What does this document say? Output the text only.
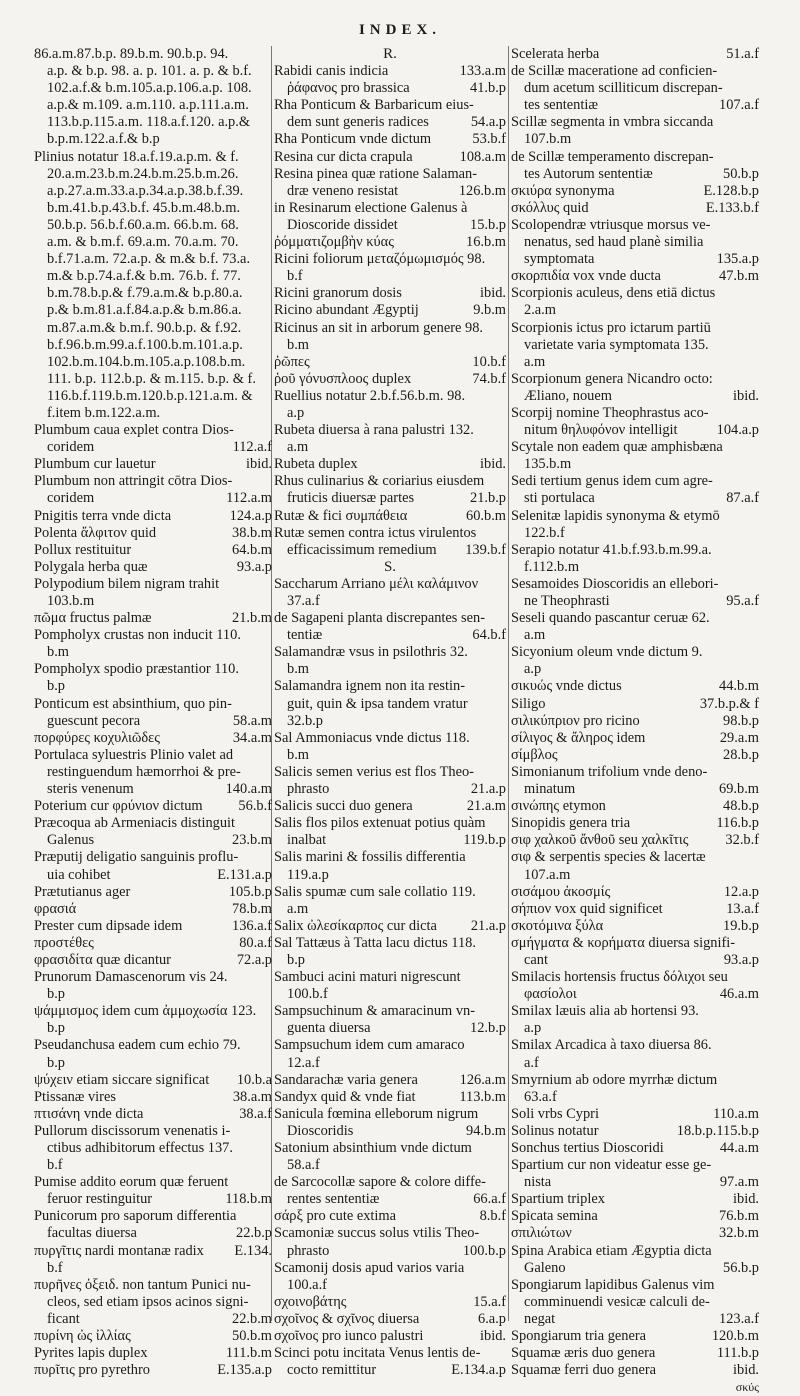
INDEX.
86.a.m.87.b.p. 89.b.m. 90.b.p. 94.
a.p. & b.p. 98. a. p. 101. a. p. & b.f.
102.a.f.& b.m.105.a.p.106.a.p. 108.
a.p.& m.109. a.m.110. a.p.111.a.m.
113.b.p.115.a.m. 118.a.f.120. a.p.&
b.p.m.122.a.f.& b.p
Plinius notatur 18.a.f.19.a.p.m. & f.
20.a.m.23.b.m.24.b.m.25.b.m.26.
a.p.27.a.m.33.a.p.34.a.p.38.b.f.39.
b.m.41.b.p.43.b.f. 45.b.m.48.b.m.
50.b.p. 56.b.f.60.a.m. 66.b.m. 68.
a.m. & b.m.f. 69.a.m. 70.a.m. 70.
b.f.71.a.m. 72.a.p. & m.& b.f. 73.a.
m.& b.p.74.a.f.& b.m. 76.b. f. 77.
b.m.78.b.p.& f.79.a.m.& b.p.80.a.
p.& b.m.81.a.f.84.a.p.& b.m.86.a.
m.87.a.m.& b.m.f. 90.b.p. & f.92.
b.f.96.b.m.99.a.f.100.b.m.101.a.p.
102.b.m.104.b.m.105.a.p.108.b.m.
111. b.p. 112.b.p. & m.115. b.p. & f.
116.b.f.119.b.m.120.b.p.121.a.m. &
f.item b.m.122.a.m.
Plumbum caua explet contra Dios-
coridem	112.a.f
Plumbum cur lauetur	ibid.
Plumbum non attringit cōtra Dios-
coridem	112.a.m
Pnigitis terra vnde dicta	124.a.p
Polenta ἄλφιτον quid	38.b.m
Pollux restituitur	64.b.m
Polygala herba quæ	93.a.p
Polypodium bilem nigram trahit
103.b.m
πῶμα fructus palmæ	21.b.m
Pompholyx crustas non inducit 110.
b.m
Pompholyx spodio præstantior 110.
b.p
Ponticum est absinthium, quo pin-
guescunt pecora	58.a.m
πορφύρες κοχυλιῶδες	34.a.m
Portulaca syluestris Plinio valet ad
restinguendum hæmorrhoi & pre-
steris venenum	140.a.m
Poterium cur φρύνιον dictum 56.b.f
Præcoqua ab Armeniacis distinguit
Galenus	23.b.m
Præputij deligatio sanguinis proflu-
uia cohibet	E.131.a.p
Prætutianus ager	105.b.p
φρασιά	78.b.m
Prester cum dipsade idem	136.a.f
προστέθες	80.a.f
φρασιδίτα quæ dicantur	72.a.p
Prunorum Damascenorum vis 24.
b.p
ψάμμισμος idem cum ἀμμοχωσία 123.
b.p
Pseudanchusa eadem cum echio 79.
b.p
ψύχειν etiam siccare significat 10.b.a
Ptissanæ vires	38.a.m
πτισάνη vnde dicta	38.a.f
Pullorum discissorum venenatis i-
ctibus adhibitorum effectus 137.
b.f
Pumise addito eorum quæ feruent
feruor restinguitur	118.b.m
Punicorum pro saporum differentia
facultas diuersa	22.b.p
πυργῖτις nardi montanæ radix E.134.
b.f
πυρῆνες ὀξειδ. non tantum Punici nu-
cleos, sed etiam ipsos acinos signi-
ficant	22.b.m
πυρίνη ὠς ἰλλίας	50.b.m
Pyrites lapis duplex	111.b.m
πυρῖτις pro pyrethro	E.135.a.p
R.
Rabidi canis indicia	133.a.m
ῥάφανος pro brassica	41.b.p
Rha Ponticum & Barbaricum eius-
dem sunt generis radices	54.a.p
Rha Ponticum vnde dictum	53.b.f
Resina cur dicta crapula	108.a.m
Resina pinea quæ ratione Salaman-
dræ veneno resistat	126.b.m
in Resinarum electione Galenus à
Dioscoride dissidet	15.b.p
ῥόμματιζομβὴν κύας	16.b.m
Ricini foliorum μεταζόμωμισμός 98.
b.f
Ricini granorum dosis	ibid.
Ricino abundant Ægyptij	9.b.m
Ricinus an sit in arborum genere 98.
b.m
ῥῶπες	10.b.f
ῥοῦ γόνυσπλοος duplex	74.b.f
Ruellius notatur 2.b.f.56.b.m. 98.
a.p
Rubeta diuersa à rana palustri 132.
a.m
Rubeta duplex	ibid.
Rhus culinarius & coriarius eiusdem
fruticis diuersæ partes	21.b.p
Rutæ & fici συμπάθεια	60.b.m
Rutæ semen contra ictus virulentos
efficacissimum remedium 139.b.f
S.
Saccharum Arriano μέλι καλάμινον
37.a.f
de Sagapeni planta discrepantes sen-
tentiæ	64.b.f
Salamandræ vsus in psilothris 32.
b.m
Salamandra ignem non ita restin-
guit, quin & ipsa tandem vratur
32.b.p
Sal Ammoniacus vnde dictus 118.
b.m
Salicis semen verius est flos Theo-
phrasto	21.a.p
Salicis succi duo genera	21.a.m
Salis flos pilos extenuat potius quàm
inalbat	119.b.p
Salis marini & fossilis differentia
119.a.p
Salis spumæ cum sale collatio 119.
a.m
Salix ὠλεσίκαρπος cur dicta 21.a.p
Sal Tattæus à Tatta lacu dictus 118.
b.p
Sambuci acini maturi nigrescunt
100.b.f
Sampsuchinum & amaracinum vn-
guenta diuersa	12.b.p
Sampsuchum idem cum amaraco
12.a.f
Sandarachæ varia genera	126.a.m
Sandyx quid & vnde fiat	113.b.m
Sanicula fœmina elleborum nigrum
Dioscoridis	94.b.m
Satonium absinthium vnde dictum
58.a.f
de Sarcocollæ sapore & colore diffe-
rentes sententiæ	66.a.f
σάρξ pro cute extima	8.b.f
Scamoniæ succus solus vtilis Theo-
phrasto	100.b.p
Scamonij dosis apud varios varia
100.a.f
σχοινοβάτης	15.a.f
σχοῖνος & σχῖνος diuersa	6.a.p
σχοῖνος pro iunco palustri	ibid.
Scinci potu incitata Venus lentis de-
cocto remittitur	E.134.a.p
Scelerata herba	51.a.f
de Scillæ maceratione ad conficien-
dum acetum scilliticum discrepan-
tes sententiæ	107.a.f
Scillæ segmenta in vmbra siccanda
107.b.m
de Scillæ temperamento discrepan-
tes Autorum sententiæ	50.b.p
σκιύρα synonyma	E.128.b.p
σκόλλυς quid	E.133.b.f
Scolopendræ vtriusque morsus ve-
nenatus, sed haud planè similia
symptomata	135.a.p
σκορπιδία vox vnde ducta	47.b.m
Scorpionis aculeus, dens etiā dictus
2.a.m
Scorpionis ictus pro ictarum partiū
varietate varia symptomata 135.
a.m
Scorpionum genera Nicandro octo:
Æliano, nouem	ibid.
Scorpij nomine Theophrastus aco-
nitum θηλυφόνον intelligit	104.a.p
Scytale non eadem quæ amphisbæna
135.b.m
Sedi tertium genus idem cum agre-
sti portulaca	87.a.f
Selenitæ lapidis synonyma & etymō
122.b.f
Serapio notatur 41.b.f.93.b.m.99.a.
f.112.b.m
Sesamoides Dioscoridis an ellebori-
ne Theophrasti	95.a.f
Seseli quando pascantur ceruæ 62.
a.m
Sicyonium oleum vnde dictum 9.
a.p
σικυώς vnde dictus	44.b.m
Siligo	37.b.p.& f
σιλικύπριον pro ricino	98.b.p
σίλιγος & ἄληρος idem	29.a.m
σίμβλος	28.b.p
Simonianum trifolium vnde deno-
minatum	69.b.m
σινώπης etymon	48.b.p
Sinopidis genera tria	116.b.p
σιφ χαλκοῦ ἄνθοῦ seu χαλκῖτις	32.b.f
σιφ & serpentis species & lacertæ
107.a.m
σισάμου ἀκοσμίς	12.a.p
σήπιον vox quid significet	13.a.f
σκοτόμινα ξύλα	19.b.p
σμήγματα & κορήματα diuersa signifi-
cant	93.a.p
Smilacis hortensis fructus δόλιχοι seu
φασίολοι	46.a.m
Smilax læuis alia ab hortensi 93.
a.p
Smilax Arcadica à taxo diuersa 86.
a.f
Smyrnium ab odore myrrhæ dictum
63.a.f
Soli vrbs Cypri	110.a.m
Solinus notatur	18.b.p.115.b.p
Sonchus tertius Dioscoridi	44.a.m
Spartium cur non videatur esse ge-
nista	97.a.m
Spartium triplex	ibid.
Spicata semina	76.b.m
σπιλιώτων	32.b.m
Spina Arabica etiam Ægyptia dicta
Galeno	56.b.p
Spongiarum lapidibus Galenus vim
comminuendi vesicæ calculi de-
negat	123.a.f
Spongiarum tria genera	120.b.m
Squamæ æris duo genera	111.b.p
Squamæ ferri duo genera	ibid.
σκύς
